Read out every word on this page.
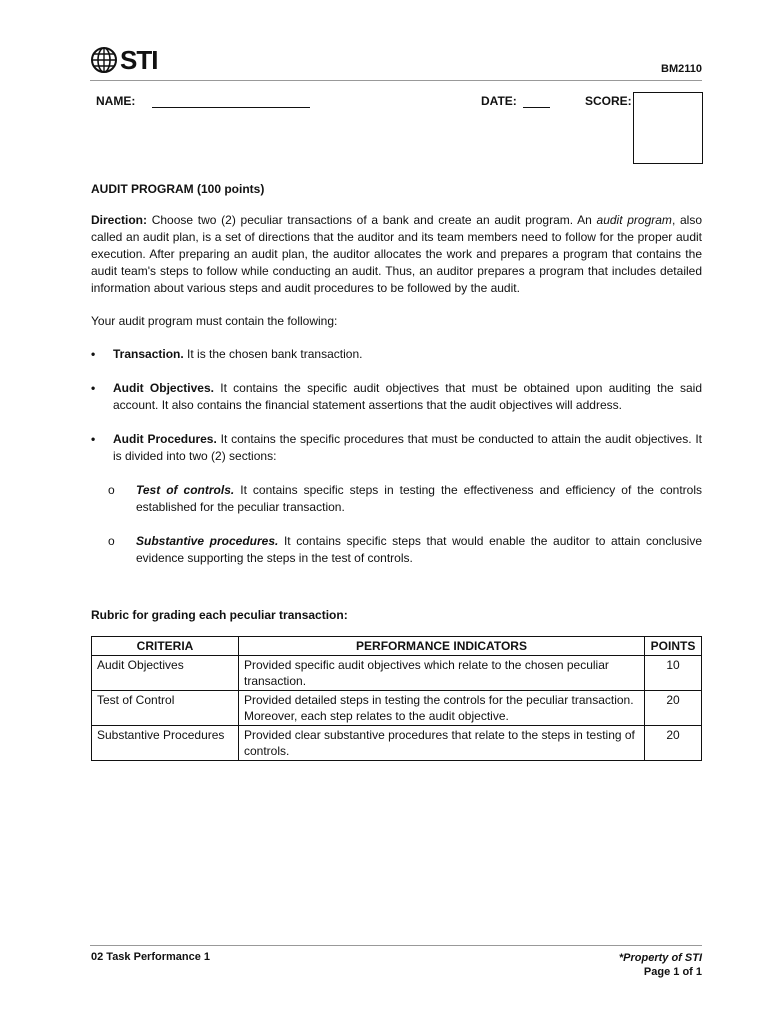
STI	BM2110
NAME:	DATE:	SCORE:

AUDIT PROGRAM (100 points)

Direction: Choose two (2) peculiar transactions of a bank and create an audit program. An audit program, also called an audit plan, is a set of directions that the auditor and its team members need to follow for the proper audit execution. After preparing an audit plan, the auditor allocates the work and prepares a program that contains the audit team's steps to follow while conducting an audit. Thus, an auditor prepares a program that includes detailed information about various steps and audit procedures to be followed by the audit.

Your audit program must contain the following:

• Transaction. It is the chosen bank transaction.
• Audit Objectives. It contains the specific audit objectives that must be obtained upon auditing the said account. It also contains the financial statement assertions that the audit objectives will address.
• Audit Procedures. It contains the specific procedures that must be conducted to attain the audit objectives. It is divided into two (2) sections:
o Test of controls. It contains specific steps in testing the effectiveness and efficiency of the controls established for the peculiar transaction.
o Substantive procedures. It contains specific steps that would enable the auditor to attain conclusive evidence supporting the steps in the test of controls.

Rubric for grading each peculiar transaction:

CRITERIA	PERFORMANCE INDICATORS	POINTS
Audit Objectives	Provided specific audit objectives which relate to the chosen peculiar transaction.	10
Test of Control	Provided detailed steps in testing the controls for the peculiar transaction. Moreover, each step relates to the audit objective.	20
Substantive Procedures	Provided clear substantive procedures that relate to the steps in testing of controls.	20
02 Task Performance 1	*Property of STI
Page 1 of 1
